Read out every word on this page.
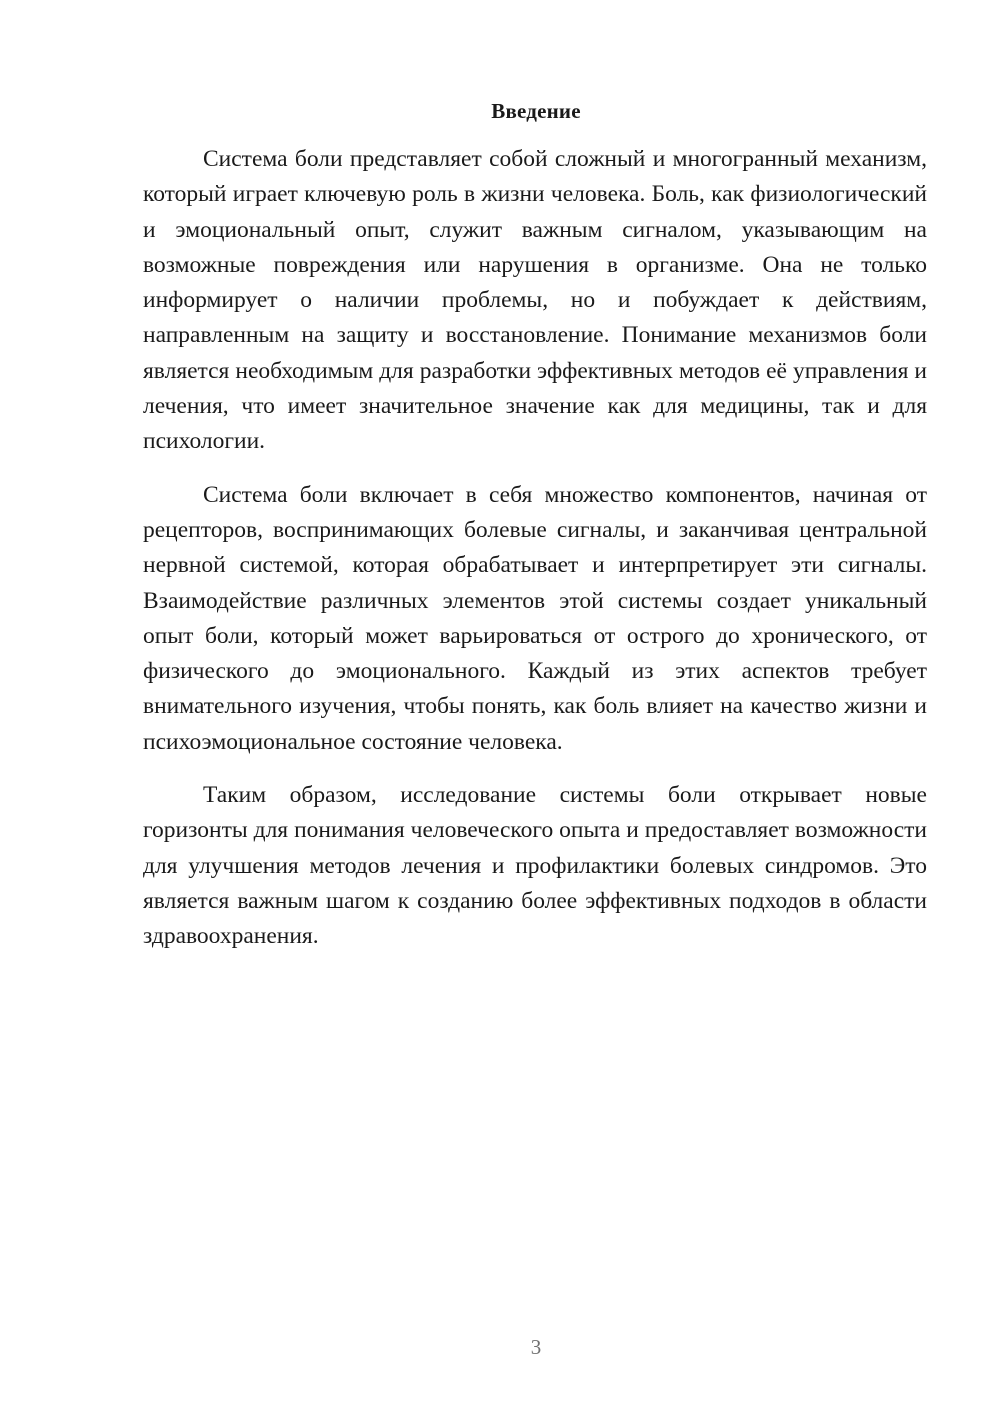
Введение

Система боли представляет собой сложный и многогранный механизм, который играет ключевую роль в жизни человека. Боль, как физиологический и эмоциональный опыт, служит важным сигналом, указывающим на возможные повреждения или нарушения в организме. Она не только информирует о наличии проблемы, но и побуждает к действиям, направленным на защиту и восстановление. Понимание механизмов боли является необходимым для разработки эффективных методов её управления и лечения, что имеет значительное значение как для медицины, так и для психологии.

Система боли включает в себя множество компонентов, начиная от рецепторов, воспринимающих болевые сигналы, и заканчивая центральной нервной системой, которая обрабатывает и интерпретирует эти сигналы. Взаимодействие различных элементов этой системы создает уникальный опыт боли, который может варьироваться от острого до хронического, от физического до эмоционального. Каждый из этих аспектов требует внимательного изучения, чтобы понять, как боль влияет на качество жизни и психоэмоциональное состояние человека.

Таким образом, исследование системы боли открывает новые горизонты для понимания человеческого опыта и предоставляет возможности для улучшения методов лечения и профилактики болевых синдромов. Это является важным шагом к созданию более эффективных подходов в области здравоохранения.

3
